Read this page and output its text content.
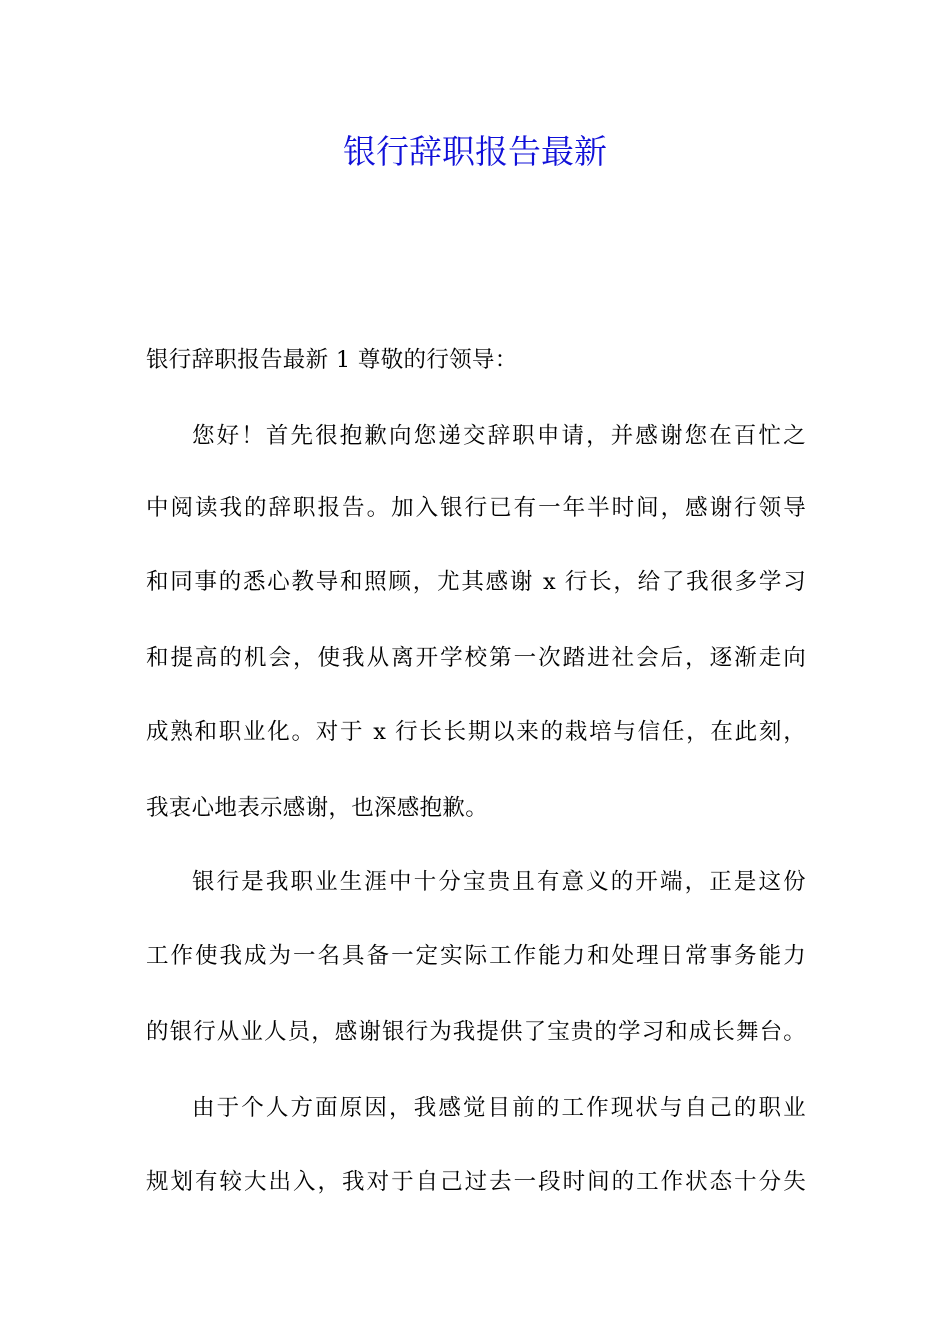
银行辞职报告最新
银行辞职报告最新 1 尊敬的行领导：
您好！首先很抱歉向您递交辞职申请，并感谢您在百忙之
中阅读我的辞职报告。加入银行已有一年半时间，感谢行领导
和同事的悉心教导和照顾，尤其感谢 x 行长，给了我很多学习
和提高的机会，使我从离开学校第一次踏进社会后，逐渐走向
成熟和职业化。对于 x 行长长期以来的栽培与信任，在此刻，
我衷心地表示感谢，也深感抱歉。
银行是我职业生涯中十分宝贵且有意义的开端，正是这份
工作使我成为一名具备一定实际工作能力和处理日常事务能力
的银行从业人员，感谢银行为我提供了宝贵的学习和成长舞台。
由于个人方面原因，我感觉目前的工作现状与自己的职业
规划有较大出入，我对于自己过去一段时间的工作状态十分失
